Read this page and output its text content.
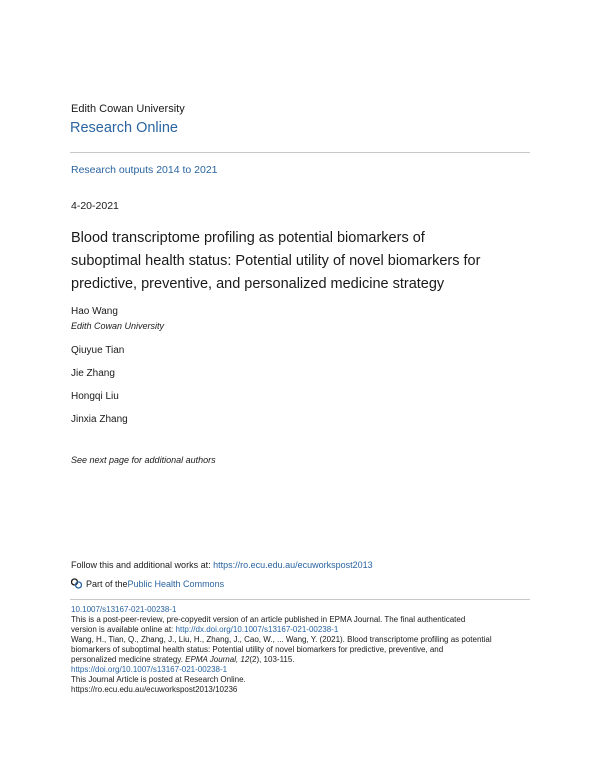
Edith Cowan University
Research Online
Research outputs 2014 to 2021
4-20-2021
Blood transcriptome profiling as potential biomarkers of
suboptimal health status: Potential utility of novel biomarkers for
predictive, preventive, and personalized medicine strategy
Hao Wang
Edith Cowan University
Qiuyue Tian
Jie Zhang
Hongqi Liu
Jinxia Zhang
See next page for additional authors
Follow this and additional works at: https://ro.ecu.edu.au/ecuworkspost2013
Part of the Public Health Commons
10.1007/s13167-021-00238-1
This is a post-peer-review, pre-copyedit version of an article published in EPMA Journal. The final authenticated
version is available online at: http://dx.doi.org/10.1007/s13167-021-00238-1
Wang, H., Tian, Q., Zhang, J., Liu, H., Zhang, J., Cao, W., ... Wang, Y. (2021). Blood transcriptome profiling as potential
biomarkers of suboptimal health status: Potential utility of novel biomarkers for predictive, preventive, and
personalized medicine strategy. EPMA Journal, 12(2), 103-115.
https://doi.org/10.1007/s13167-021-00238-1
This Journal Article is posted at Research Online.
https://ro.ecu.edu.au/ecuworkspost2013/10236
